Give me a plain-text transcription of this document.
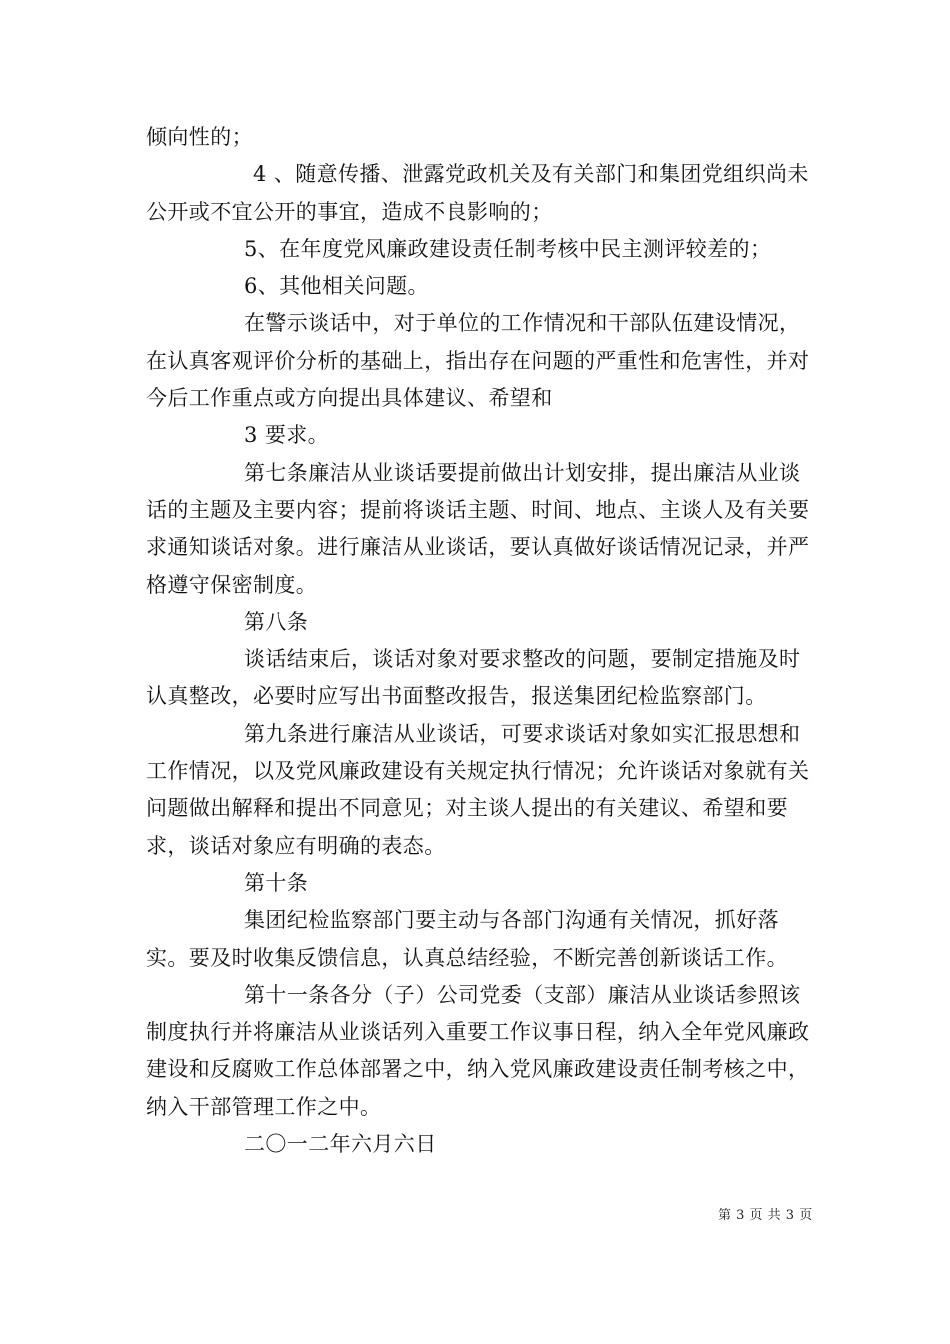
倾向性的；

4 、随意传播、泄露党政机关及有关部门和集团党组织尚未公开或不宜公开的事宜，造成不良影响的；

5、在年度党风廉政建设责任制考核中民主测评较差的；

6、其他相关问题。

在警示谈话中，对于单位的工作情况和干部队伍建设情况，在认真客观评价分析的基础上，指出存在问题的严重性和危害性，并对今后工作重点或方向提出具体建议、希望和

3 要求。

第七条廉洁从业谈话要提前做出计划安排，提出廉洁从业谈话的主题及主要内容；提前将谈话主题、时间、地点、主谈人及有关要求通知谈话对象。进行廉洁从业谈话，要认真做好谈话情况记录，并严格遵守保密制度。

第八条

谈话结束后，谈话对象对要求整改的问题，要制定措施及时认真整改，必要时应写出书面整改报告，报送集团纪检监察部门。

第九条进行廉洁从业谈话，可要求谈话对象如实汇报思想和工作情况，以及党风廉政建设有关规定执行情况；允许谈话对象就有关问题做出解释和提出不同意见；对主谈人提出的有关建议、希望和要求，谈话对象应有明确的表态。

第十条

集团纪检监察部门要主动与各部门沟通有关情况，抓好落实。要及时收集反馈信息，认真总结经验，不断完善创新谈话工作。

第十一条各分（子）公司党委（支部）廉洁从业谈话参照该制度执行并将廉洁从业谈话列入重要工作议事日程，纳入全年党风廉政建设和反腐败工作总体部署之中，纳入党风廉政建设责任制考核之中，纳入干部管理工作之中。

二〇一二年六月六日

第 3 页 共 3 页
